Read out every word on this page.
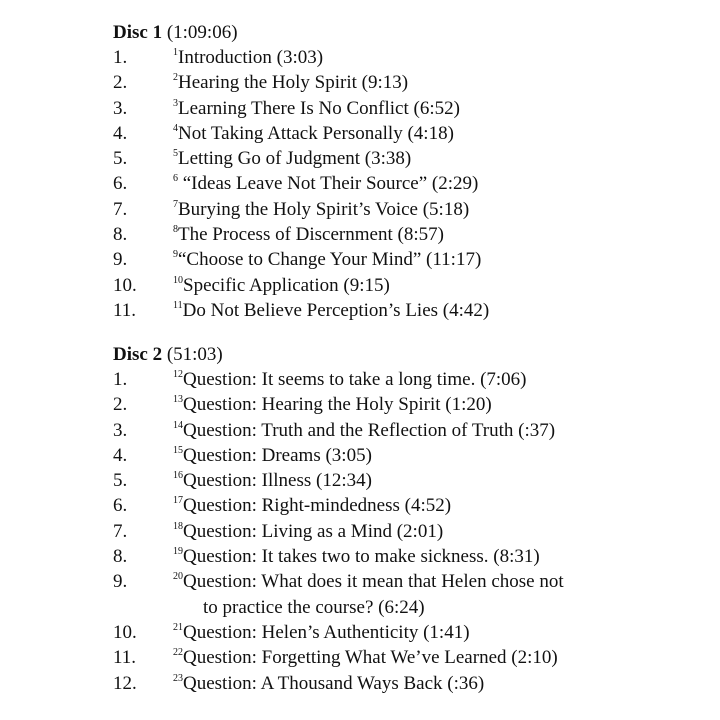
Disc 1 (1:09:06)
1.	$^1$Introduction (3:03)
2.	$^2$Hearing the Holy Spirit (9:13)
3.	$^3$Learning There Is No Conflict (6:52)
4.	$^4$Not Taking Attack Personally (4:18)
5.	$^5$Letting Go of Judgment (3:38)
6.	$^6$ “Ideas Leave Not Their Source” (2:29)
7.	$^7$Burying the Holy Spirit’s Voice (5:18)
8.	$^8$The Process of Discernment (8:57)
9.	$^9$“Choose to Change Your Mind” (11:17)
10.	$^{10}$Specific Application (9:15)
11.	$^{11}$Do Not Believe Perception’s Lies (4:42)
Disc 2 (51:03)
1.	$^{12}$Question: It seems to take a long time. (7:06)
2.	$^{13}$Question: Hearing the Holy Spirit (1:20)
3.	$^{14}$Question: Truth and the Reflection of Truth (:37)
4.	$^{15}$Question: Dreams (3:05)
5.	$^{16}$Question: Illness (12:34)
6.	$^{17}$Question: Right-mindedness (4:52)
7.	$^{18}$Question: Living as a Mind (2:01)
8.	$^{19}$Question: It takes two to make sickness. (8:31)
9.	$^{20}$Question: What does it mean that Helen chose not
to practice the course? (6:24)
10.	$^{21}$Question: Helen’s Authenticity (1:41)
11.	$^{22}$Question: Forgetting What We’ve Learned (2:10)
12.	$^{23}$Question: A Thousand Ways Back (:36)
